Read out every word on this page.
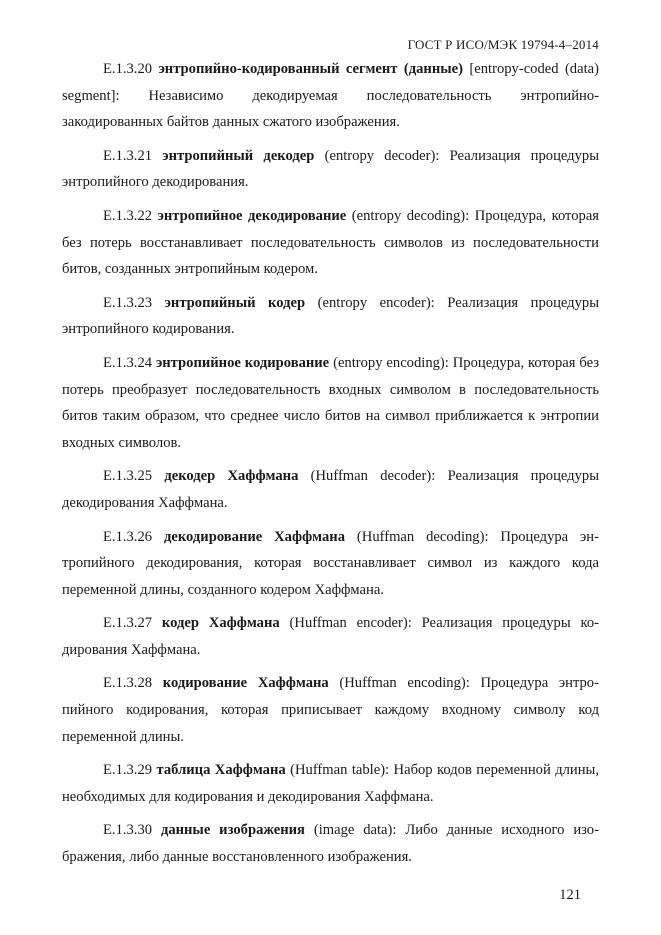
ГОСТ Р ИСО/МЭК 19794-4–2014

E.1.3.20 энтропийно-кодированный сегмент (данные) [entropy-coded (data) segment]: Независимо декодируемая последовательность энтропийно-закодированных байтов данных сжатого изображения.

E.1.3.21 энтропийный декодер (entropy decoder): Реализация процедуры энтропийного декодирования.

E.1.3.22 энтропийное декодирование (entropy decoding): Процедура, которая без потерь восстанавливает последовательность символов из последовательности битов, созданных энтропийным кодером.

E.1.3.23 энтропийный кодер (entropy encoder): Реализация процедуры энтропийного кодирования.

E.1.3.24 энтропийное кодирование (entropy encoding): Процедура, которая без потерь преобразует последовательность входных символом в последовательность битов таким образом, что среднее число битов на символ приближается к энтропии входных символов.

E.1.3.25 декодер Хаффмана (Huffman decoder): Реализация процедуры декодирования Хаффмана.

E.1.3.26 декодирование Хаффмана (Huffman decoding): Процедура энтропийного декодирования, которая восстанавливает символ из каждого кода переменной длины, созданного кодером Хаффмана.

E.1.3.27 кодер Хаффмана (Huffman encoder): Реализация процедуры кодирования Хаффмана.

E.1.3.28 кодирование Хаффмана (Huffman encoding): Процедура энтропийного кодирования, которая приписывает каждому входному символу код переменной длины.

E.1.3.29 таблица Хаффмана (Huffman table): Набор кодов переменной длины, необходимых для кодирования и декодирования Хаффмана.

E.1.3.30 данные изображения (image data): Либо данные исходного изображения, либо данные восстановленного изображения.

121
